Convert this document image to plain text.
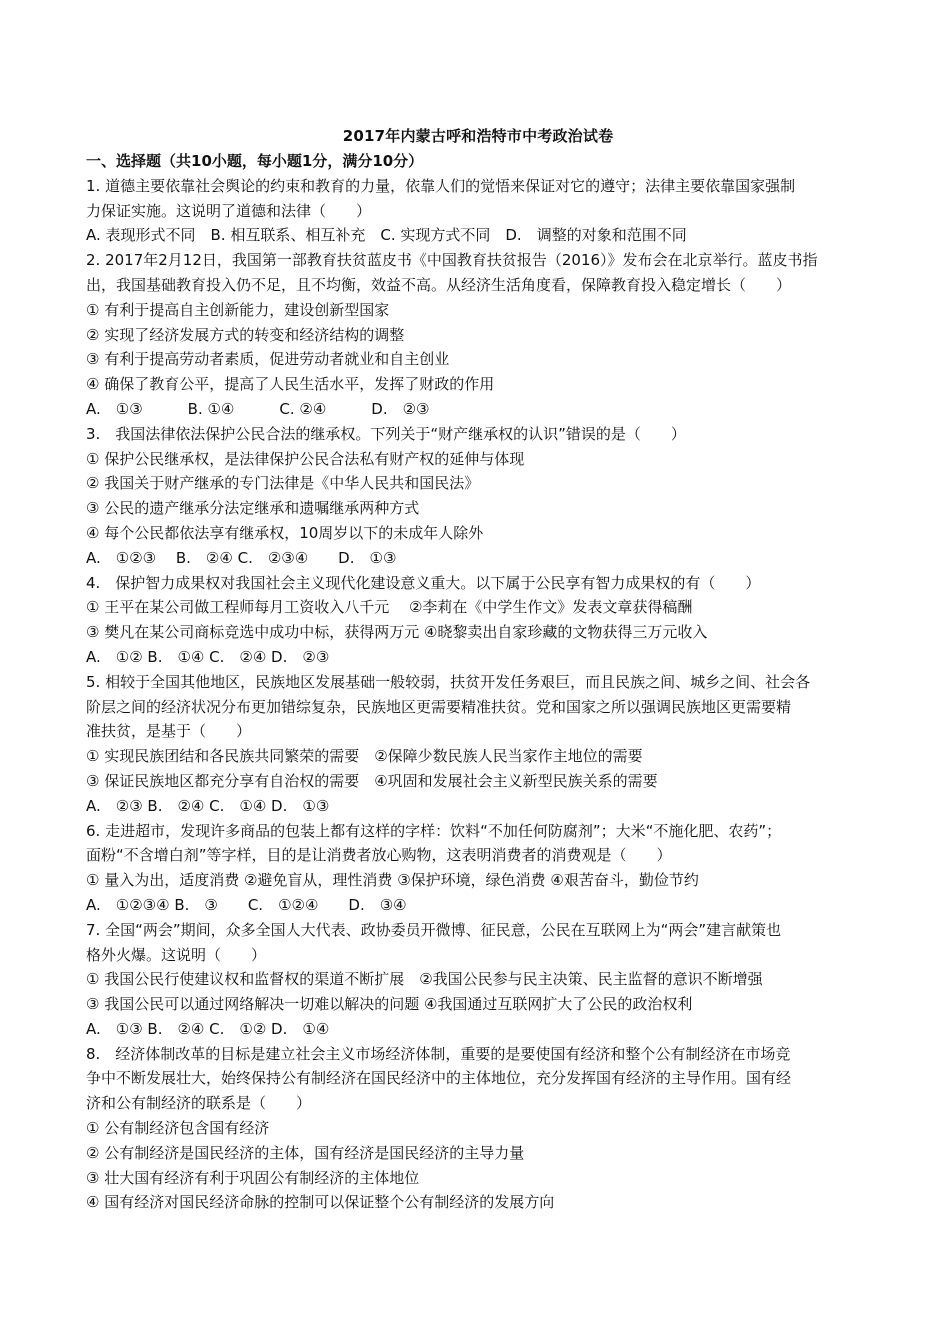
2017年内蒙古呼和浩特市中考政治试卷
一、选择题（共10小题，每小题1分，满分10分）
1. 道德主要依靠社会舆论的约束和教育的力量，依靠人们的觉悟来保证对它的遵守；法律主要依靠国家强制
力保证实施。这说明了道德和法律（　　）
A. 表现形式不同　B. 相互联系、相互补充　C. 实现方式不同　D.　调整的对象和范围不同
2. 2017年2月12日，我国第一部教育扶贫蓝皮书《中国教育扶贫报告（2016）》发布会在北京举行。蓝皮书指
出，我国基础教育投入仍不足，且不均衡，效益不高。从经济生活角度看，保障教育投入稳定增长（　　）
① 有利于提高自主创新能力，建设创新型国家
② 实现了经济发展方式的转变和经济结构的调整
③ 有利于提高劳动者素质，促进劳动者就业和自主创业
④ 确保了教育公平，提高了人民生活水平，发挥了财政的作用
A.　①③　　　B. ①④　　　C. ②④　　　D.　②③
3.　我国法律依法保护公民合法的继承权。下列关于“财产继承权的认识”错误的是（　　）
① 保护公民继承权，是法律保护公民合法私有财产权的延伸与体现
② 我国关于财产继承的专门法律是《中华人民共和国民法》
③ 公民的遗产继承分法定继承和遗嘱继承两种方式
④ 每个公民都依法享有继承权，10周岁以下的未成年人除外
A.　①②③　 B.　②④ C.　②③④　　D.　①③
4.　保护智力成果权对我国社会主义现代化建设意义重大。以下属于公民享有智力成果权的有（　　）
① 王平在某公司做工程师每月工资收入八千元　 ②李莉在《中学生作文》发表文章获得稿酬
③ 樊凡在某公司商标竞选中成功中标，获得两万元 ④晓黎卖出自家珍藏的文物获得三万元收入
A.　①② B.　①④ C.　②④ D.　②③
5. 相较于全国其他地区，民族地区发展基础一般较弱，扶贫开发任务艰巨，而且民族之间、城乡之间、社会各
阶层之间的经济状况分布更加错综复杂，民族地区更需要精准扶贫。党和国家之所以强调民族地区更需要精
准扶贫，是基于（　　）
① 实现民族团结和各民族共同繁荣的需要　②保障少数民族人民当家作主地位的需要
③ 保证民族地区都充分享有自治权的需要　④巩固和发展社会主义新型民族关系的需要
A.　②③ B.　②④ C.　①④ D.　①③
6. 走进超市，发现许多商品的包装上都有这样的字样：饮料“不加任何防腐剂”；大米“不施化肥、农药”；
面粉“不含增白剂”等字样，目的是让消费者放心购物，这表明消费者的消费观是（　　）
① 量入为出，适度消费 ②避免盲从，理性消费 ③保护环境，绿色消费 ④艰苦奋斗，勤俭节约
A.　①②③④ B.　③　　C.　①②④　　D.　③④
7. 全国“两会”期间，众多全国人大代表、政协委员开微博、征民意，公民在互联网上为“两会”建言献策也
格外火爆。这说明（　　）
① 我国公民行使建议权和监督权的渠道不断扩展　②我国公民参与民主决策、民主监督的意识不断增强
③ 我国公民可以通过网络解决一切难以解决的问题 ④我国通过互联网扩大了公民的政治权利
A.　①③ B.　②④ C.　①② D.　①④
8.　经济体制改革的目标是建立社会主义市场经济体制，重要的是要使国有经济和整个公有制经济在市场竞
争中不断发展壮大，始终保持公有制经济在国民经济中的主体地位，充分发挥国有经济的主导作用。国有经
济和公有制经济的联系是（　　）
① 公有制经济包含国有经济
② 公有制经济是国民经济的主体，国有经济是国民经济的主导力量
③ 壮大国有经济有利于巩固公有制经济的主体地位
④ 国有经济对国民经济命脉的控制可以保证整个公有制经济的发展方向
